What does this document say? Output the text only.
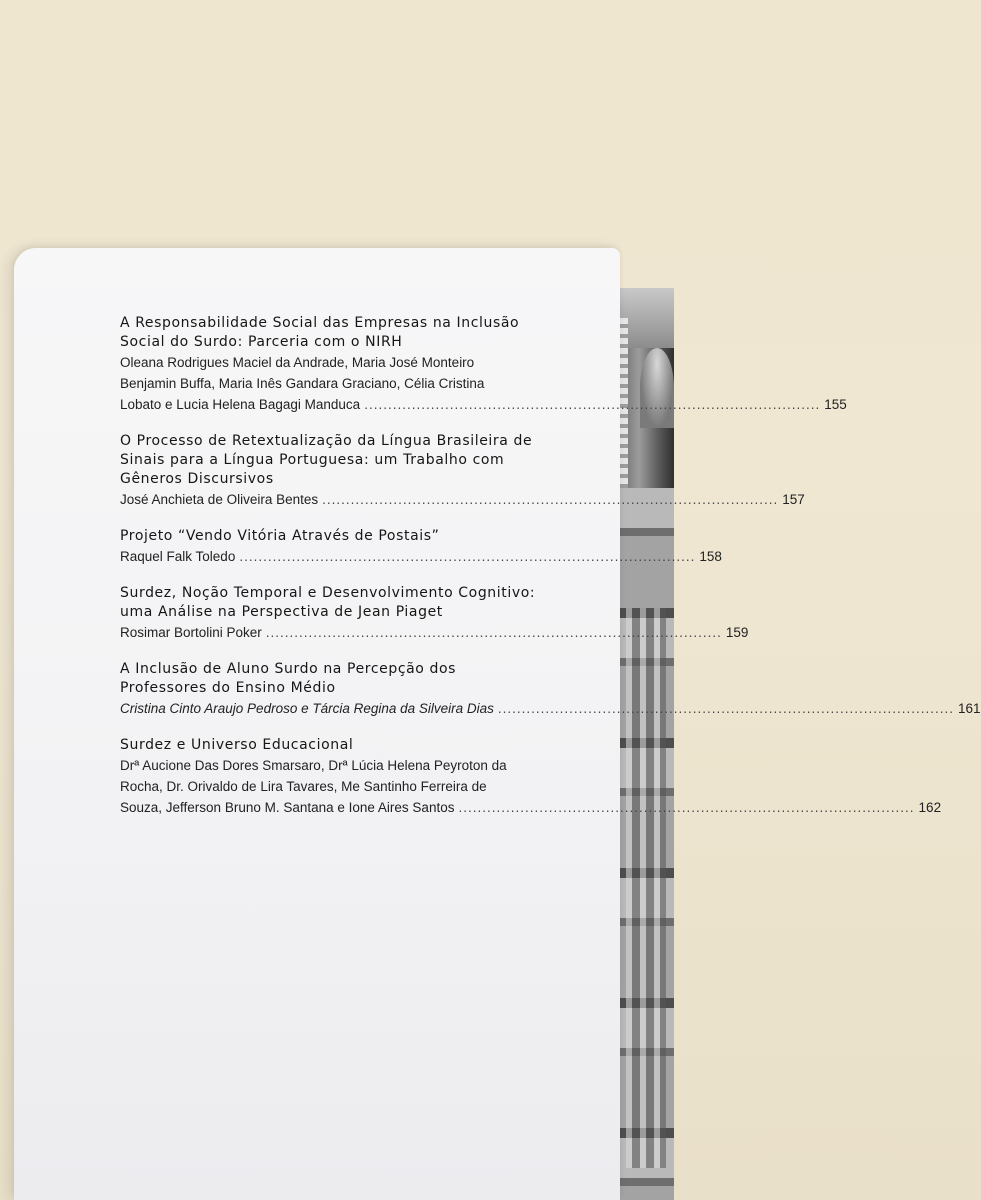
A Responsabilidade Social das Empresas na Inclusão

Social do Surdo: Parceria com o NIRH

Oleana Rodrigues Maciel da Andrade, Maria José Monteiro

Benjamin Buffa, Maria Inês Gandara Graciano, Célia Cristina

Lobato e Lucia Helena Bagagi Manduca ................................................................................................ 155

O Processo de Retextualização da Língua Brasileira de

Sinais para a Língua Portuguesa: um Trabalho com

Gêneros Discursivos

José Anchieta de Oliveira Bentes ................................................................................................ 157

Projeto “Vendo Vitória Através de Postais”

Raquel Falk Toledo ................................................................................................ 158

Surdez, Noção Temporal e Desenvolvimento Cognitivo:

uma Análise na Perspectiva de Jean Piaget

Rosimar Bortolini Poker ................................................................................................ 159

A Inclusão de Aluno Surdo na Percepção dos

Professores do Ensino Médio

Cristina Cinto Araujo Pedroso e Tárcia Regina da Silveira Dias ................................................................................................ 161

Surdez e Universo Educacional

Drª Aucione Das Dores Smarsaro, Drª Lúcia Helena Peyroton da

Rocha, Dr. Orivaldo de Lira Tavares, Me Santinho Ferreira de

Souza, Jefferson Bruno M. Santana e Ione Aires Santos ................................................................................................ 162
